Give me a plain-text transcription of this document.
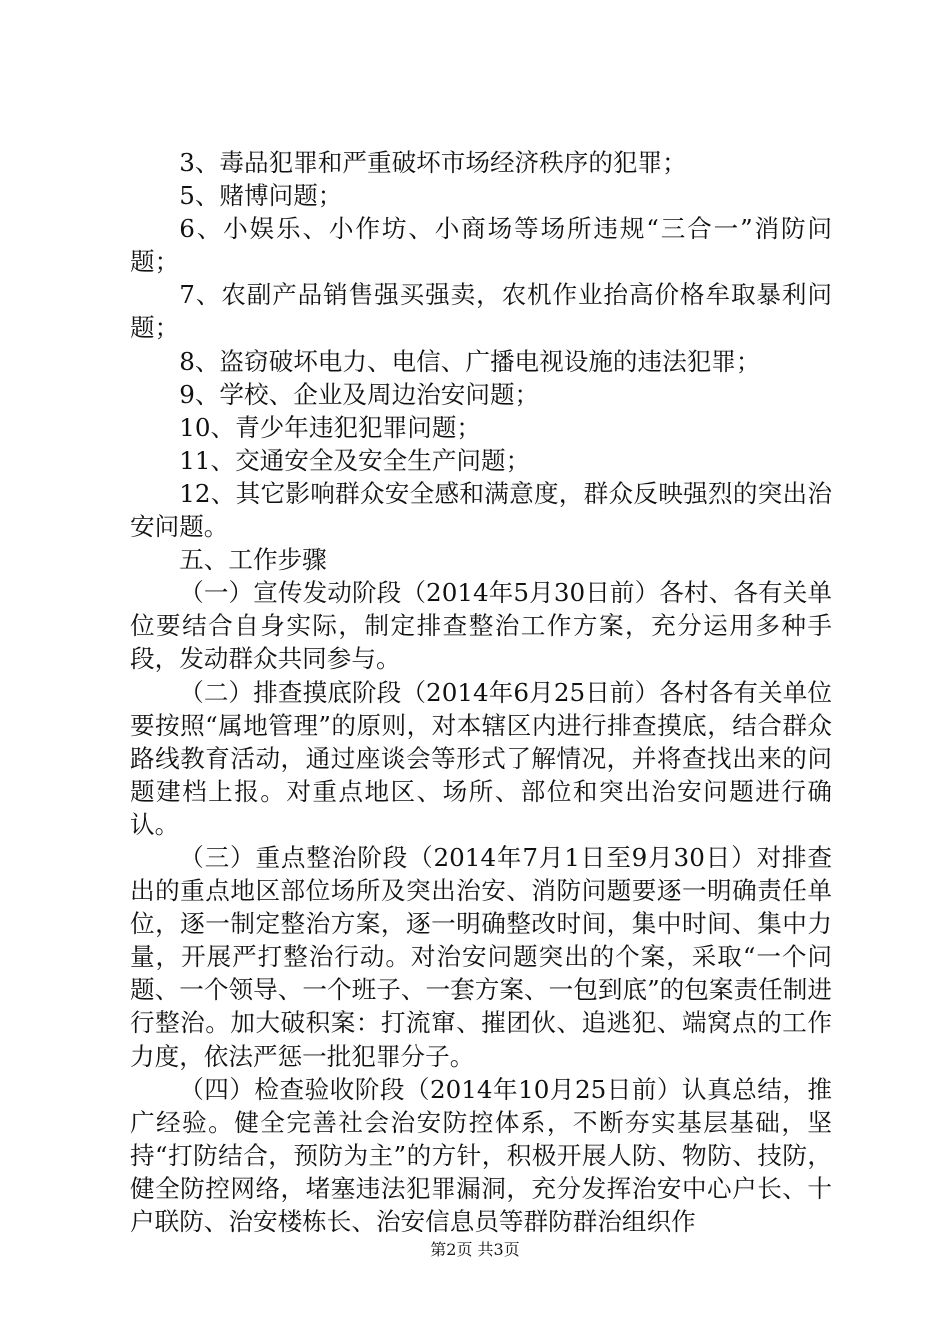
3、毒品犯罪和严重破坏市场经济秩序的犯罪；

5、赌博问题；

6、小娱乐、小作坊、小商场等场所违规“三合一”消防问题；

7、农副产品销售强买强卖，农机作业抬高价格牟取暴利问题；

8、盗窃破坏电力、电信、广播电视设施的违法犯罪；

9、学校、企业及周边治安问题；

10、青少年违犯犯罪问题；

11、交通安全及安全生产问题；

12、其它影响群众安全感和满意度，群众反映强烈的突出治安问题。

五、工作步骤

（一）宣传发动阶段（2014年5月30日前）各村、各有关单位要结合自身实际，制定排查整治工作方案，充分运用多种手段，发动群众共同参与。

（二）排查摸底阶段（2014年6月25日前）各村各有关单位要按照“属地管理”的原则，对本辖区内进行排查摸底，结合群众路线教育活动，通过座谈会等形式了解情况，并将查找出来的问题建档上报。对重点地区、场所、部位和突出治安问题进行确认。

（三）重点整治阶段（2014年7月1日至9月30日）对排查出的重点地区部位场所及突出治安、消防问题要逐一明确责任单位，逐一制定整治方案，逐一明确整改时间，集中时间、集中力量，开展严打整治行动。对治安问题突出的个案，采取“一个问题、一个领导、一个班子、一套方案、一包到底”的包案责任制进行整治。加大破积案：打流窜、摧团伙、追逃犯、端窝点的工作力度，依法严惩一批犯罪分子。

（四）检查验收阶段（2014年10月25日前）认真总结，推广经验。健全完善社会治安防控体系，不断夯实基层基础，坚持“打防结合，预防为主”的方针，积极开展人防、物防、技防，健全防控网络，堵塞违法犯罪漏洞，充分发挥治安中心户长、十户联防、治安楼栋长、治安信息员等群防群治组织作

第2页 共3页
